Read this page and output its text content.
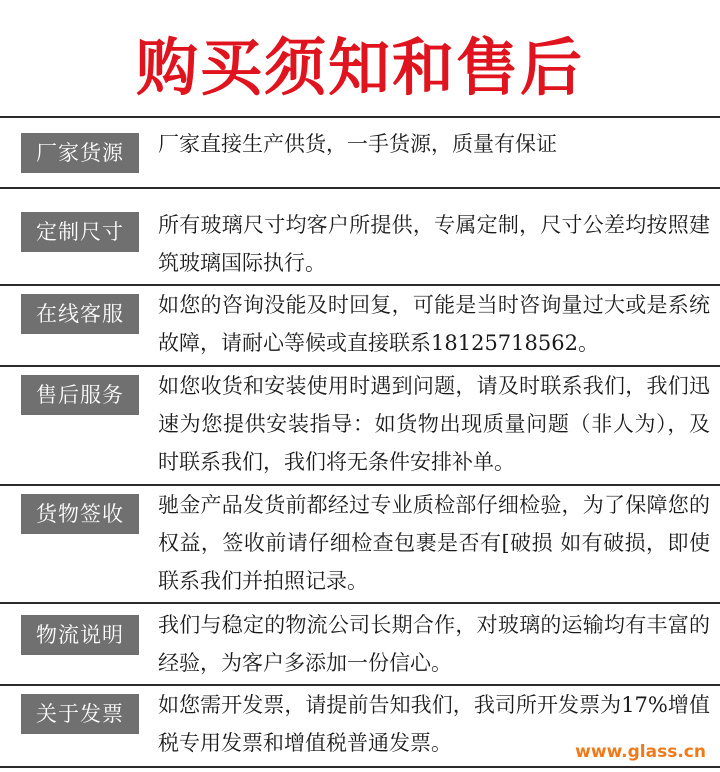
购买须知和售后
厂家货源	厂家直接生产供货，一手货源，质量有保证
定制尺寸	所有玻璃尺寸均客户所提供，专属定制，尺寸公差均按照建筑玻璃国际执行。
在线客服	如您的咨询没能及时回复，可能是当时咨询量过大或是系统故障，请耐心等候或直接联系18125718562。
售后服务	如您收货和安装使用时遇到问题，请及时联系我们，我们迅速为您提供安装指导：如货物出现质量问题（非人为），及时联系我们，我们将无条件安排补单。
货物签收	驰金产品发货前都经过专业质检部仔细检验，为了保障您的权益，签收前请仔细检查包裹是否有[破损 如有破损，即使联系我们并拍照记录。
物流说明	我们与稳定的物流公司长期合作，对玻璃的运输均有丰富的经验，为客户多添加一份信心。
关于发票	如您需开发票，请提前告知我们，我司所开发票为17%增值税专用发票和增值税普通发票。	www.glass.cn
